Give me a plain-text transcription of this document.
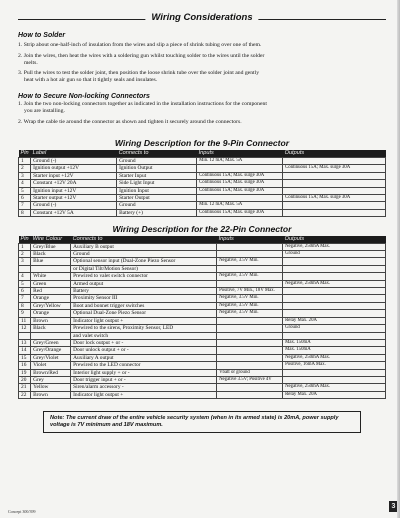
Wiring Considerations
How to Solder
1. Strip about one-half-inch of insulation from the wires and slip a piece of shrink tubing over one of them.
2. Join the wires, then heat the wires with a soldering gun whilst touching solder to the wires until the solder
melts.
3. Pull the wires to test the solder joint, then position the loose shrink tube over the solder joint and gently
heat with a hot air gun so that it tightly seals and insulates.
How to Secure Non-locking Connectors
1. Join the two non-locking connectors together as indicated in the installation instructions for the component
you are installing.
2. Wrap the cable tie around the connector as shown and tighten it securely around the connectors.
Wiring Description for the 9-Pin Connector
Pin	Label	Connects to	Inputs	Outputs
1	Ground (-)	Ground	Min. 12 mA; Max. 5A	
2	Ignition output +12V	Ignition Output		Continuous 15A; Max. surge 30A
3	Starter input +12V	Starter Input	Continuous 15A; Max. surge 30A	
4	Constant +12V 20A	Side Light Input	Continuous 15A; Max. surge 30A	
5	Ignition input +12V	Ignition Input	Continuous 15A; Max. surge 30A	
6	Starter output +12V	Starter Output		Continuous 15A; Max. surge 30A
7	Ground (-)	Ground	Min. 12 mA; Max. 5A	
8	Constant +12V 5A	Battery (+)	Continuous 15A; Max. surge 30A	
Wiring Description for the 22-Pin Connector
Pin	Wire Colour	Connects to	Inputs	Outputs
1	Grey/Blue	Auxiliary B output		Negative, 250mA Max.
2	Black	Ground		Ground
3	Blue	Optional sensor input (Dual-Zone Piezo Sensor	Negative, 3.5V Min.	
		or Digital Tilt/Motion Sensor)		
4	White	Prewired to valet switch connector	Negative, 3.5V Min.	
5	Green	Armed output		Negative, 250mA Max.
6	Red	Battery	Positive, 7V Min., 18V Max.	
7	Orange	Proximity Sensor III	Negative, 3.5V Min.	
8	Grey/Yellow	Boot and bonnet trigger switches	Negative, 3.5V Min.	
9	Orange	Optional Dual-Zone Piezo Sensor	Negative, 3.5V Min.	
11	Brown	Indicator light output +		Relay Max. 20A
12	Black	Prewired to the sirens, Proximity Sensor, LED		Ground
		and valet switch		
13	Grey/Green	Door lock output + or -		Max. 150mA
14	Grey/Orange	Door unlock output + or -		Max. 150mA
15	Grey/Violet	Auxiliary A output		Negative, 250mA Max.
16	Violet	Prewired to the LED connector		Positive, 16mA Max.
19	Brown/Red	Interior light supply + or -	Vbatt or ground	
20	Grey	Door trigger input + or -	Negative 3.5V; Positive 4V	
21	Yellow	Siren/alarm accessory -		Negative, 250mA Max.
22	Brown	Indicator light output +		Relay Max. 20A
Note: The current draw of the entire vehicle security system (when in its armed state) is 20mA, power supply voltage is 7V minimum and 18V maximum.
Concept 300/399
3
